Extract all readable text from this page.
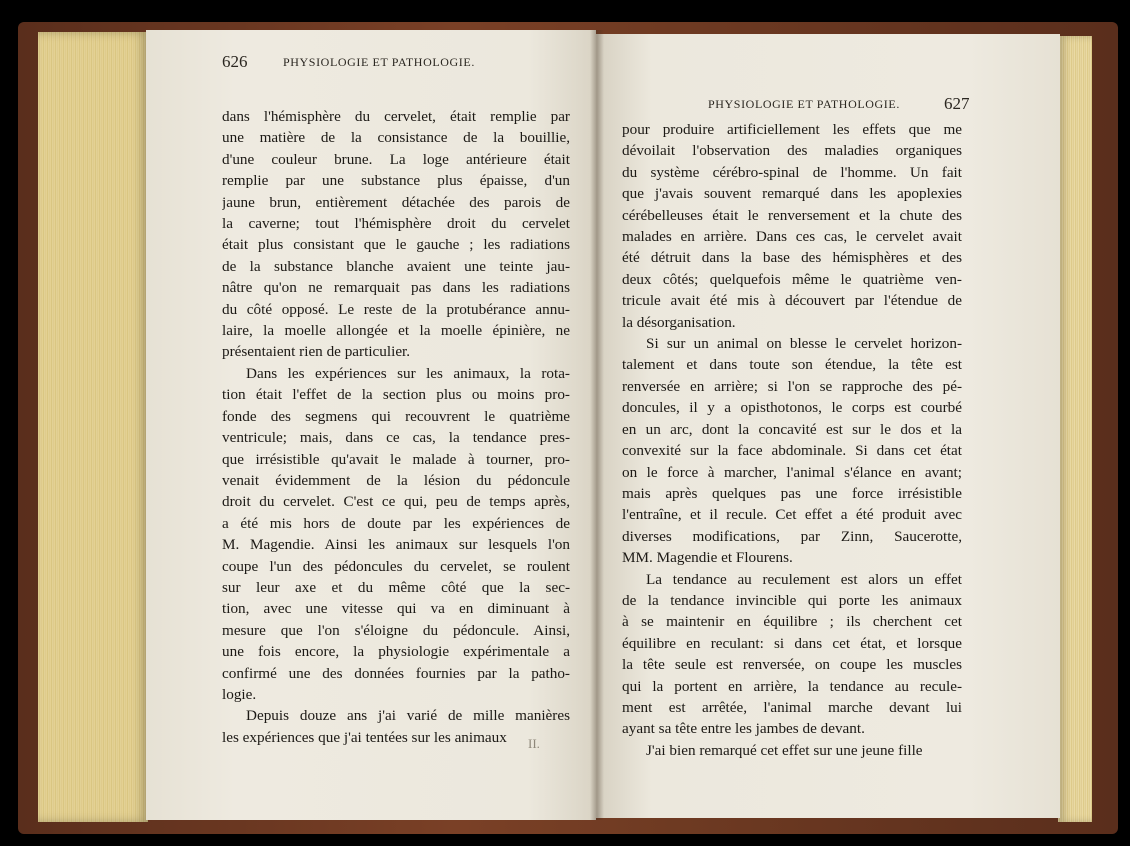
626	PHYSIOLOGIE ET PATHOLOGIE.
PHYSIOLOGIE ET PATHOLOGIE.	627
dans l'hémisphère du cervelet, était remplie par
une matière de la consistance de la bouillie,
d'une couleur brune. La loge antérieure était
remplie par une substance plus épaisse, d'un
jaune brun, entièrement détachée des parois de
la caverne; tout l'hémisphère droit du cervelet
était plus consistant que le gauche ; les radiations
de la substance blanche avaient une teinte jau-
nâtre qu'on ne remarquait pas dans les radiations
du côté opposé. Le reste de la protubérance annu-
laire, la moelle allongée et la moelle épinière, ne
présentaient rien de particulier.
Dans les expériences sur les animaux, la rota-
tion était l'effet de la section plus ou moins pro-
fonde des segmens qui recouvrent le quatrième
ventricule; mais, dans ce cas, la tendance pres-
que irrésistible qu'avait le malade à tourner, pro-
venait évidemment de la lésion du pédoncule
droit du cervelet. C'est ce qui, peu de temps après,
a été mis hors de doute par les expériences de
M. Magendie. Ainsi les animaux sur lesquels l'on
coupe l'un des pédoncules du cervelet, se roulent
sur leur axe et du même côté que la sec-
tion, avec une vitesse qui va en diminuant à
mesure que l'on s'éloigne du pédoncule. Ainsi,
une fois encore, la physiologie expérimentale a
confirmé une des données fournies par la patho-
logie.
Depuis douze ans j'ai varié de mille manières
les expériences que j'ai tentées sur les animaux
pour produire artificiellement les effets que me
dévoilait l'observation des maladies organiques
du système cérébro-spinal de l'homme. Un fait
que j'avais souvent remarqué dans les apoplexies
cérébelleuses était le renversement et la chute des
malades en arrière. Dans ces cas, le cervelet avait
été détruit dans la base des hémisphères et des
deux côtés; quelquefois même le quatrième ven-
tricule avait été mis à découvert par l'étendue de
la désorganisation.
Si sur un animal on blesse le cervelet horizon-
talement et dans toute son étendue, la tête est
renversée en arrière; si l'on se rapproche des pé-
doncules, il y a opisthotonos, le corps est courbé
en un arc, dont la concavité est sur le dos et la
convexité sur la face abdominale. Si dans cet état
on le force à marcher, l'animal s'élance en avant;
mais après quelques pas une force irrésistible
l'entraîne, et il recule. Cet effet a été produit avec
diverses modifications, par Zinn, Saucerotte,
MM. Magendie et Flourens.
La tendance au reculement est alors un effet
de la tendance invincible qui porte les animaux
à se maintenir en équilibre ; ils cherchent cet
équilibre en reculant: si dans cet état, et lorsque
la tête seule est renversée, on coupe les muscles
qui la portent en arrière, la tendance au recule-
ment est arrêtée, l'animal marche devant lui
ayant sa tête entre les jambes de devant.
J'ai bien remarqué cet effet sur une jeune fille
II.
